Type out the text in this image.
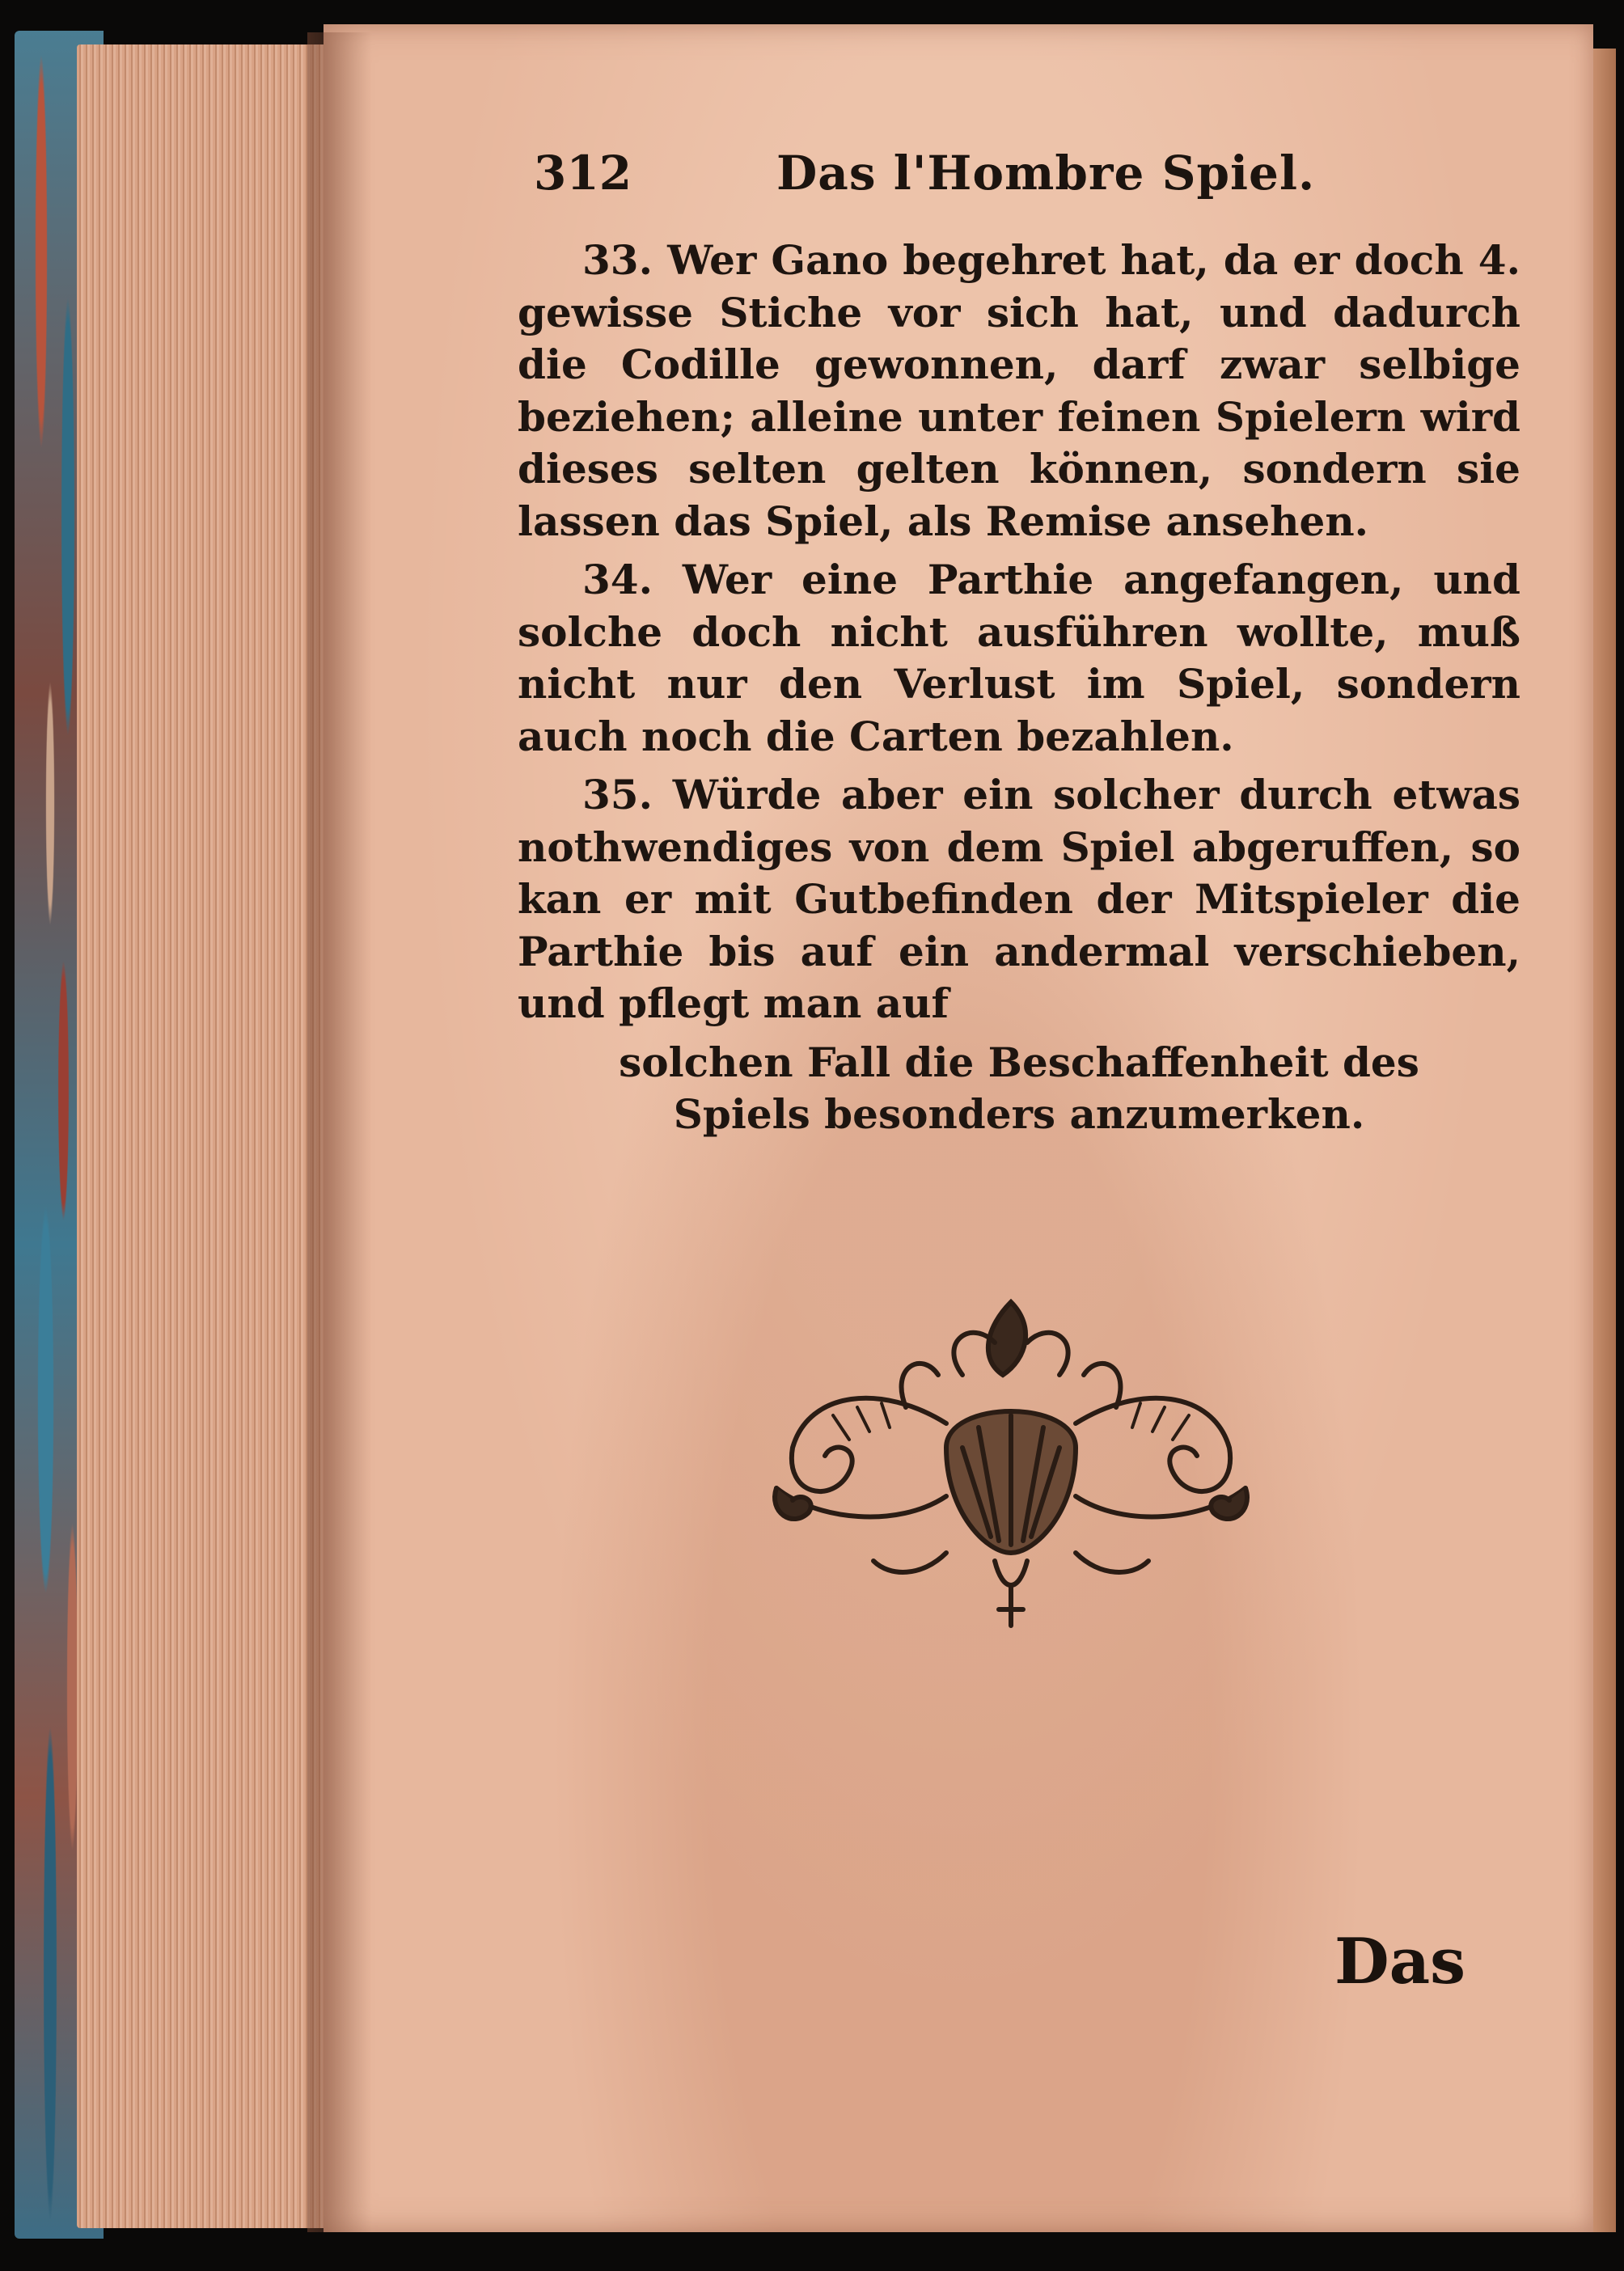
312	Das l'Hombre Spiel.

33. Wer Gano begehret hat, da er doch 4. gewisse Stiche vor sich hat, und dadurch die Codille gewonnen, darf zwar selbige beziehen; alleine unter feinen Spielern wird dieses selten gelten können, sondern sie lassen das Spiel, als Remise ansehen.

34. Wer eine Parthie angefangen, und solche doch nicht ausführen wollte, muß nicht nur den Verlust im Spiel, sondern auch noch die Carten bezahlen.

35. Würde aber ein solcher durch etwas nothwendiges von dem Spiel abgeruffen, so kan er mit Gutbefinden der Mitspieler die Parthie bis auf ein andermal verschieben, und pflegt man auf

solchen Fall die Beschaffenheit des Spiels besonders anzumerken.

Das
